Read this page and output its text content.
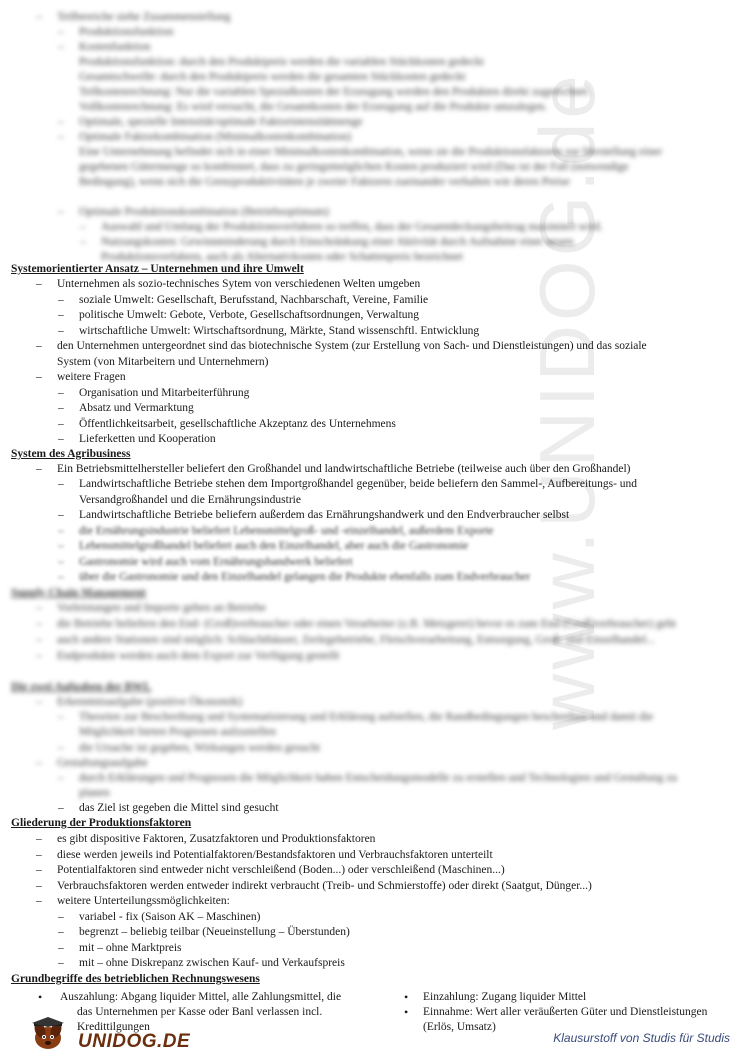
www.UNIDOG.de
– Teilbereiche siehe Zusammenstellung
– Produktionsfunktion
– Kostenfunktion
Produktionsfunktion: durch den Produktpreis werden die variablen Stückkosten gedeckt
Gesamtschwelle: durch den Produktpreis werden die gesamten Stückkosten gedeckt
Teilkostenrechnung: Nur die variablen Spezialkosten der Erzeugung werden den Produkten direkt zugerechnet.
Vollkostenrechnung: Es wird versucht, die Gesamtkosten der Erzeugung auf die Produkte umzulegen.
– Optimale, spezielle Intensität/optimale Faktorintensitätmenge
– Optimale Faktorkombination (Minimalkostenkombination)
Eine Unternehmung befindet sich in einer Minimalkostenkombination, wenn sie die Produktionsfaktoren zur Herstellung einer
gegebenen Gütermenge so kombiniert, dass zu geringstmöglichen Kosten produziert wird (Das ist der Fall (notwendige
Bedingung), wenn sich die Grenzproduktivitäten je zweier Faktoren zueinander verhalten wie deren Preise
– Optimale Produktionskombination (Betriebsoptimum)
– Auswahl und Umfang der Produktionsverfahren so treffen, dass der Gesamtdeckungsbeitrag maximiert wird.
– Nutzungskosten: Gewinnminderung durch Einschränkung einer Aktivität durch Aufnahme einer neuen
Produktionsverfahren, auch als Alternativkosten oder Schattenpreis bezeichnet
Systemorientierter Ansatz – Unternehmen und ihre Umwelt
– Unternehmen als sozio-technisches Sytem von verschiedenen Welten umgeben
– soziale Umwelt: Gesellschaft, Berufsstand, Nachbarschaft, Vereine, Familie
– politische Umwelt: Gebote, Verbote, Gesellschaftsordnungen, Verwaltung
– wirtschaftliche Umwelt: Wirtschaftsordnung, Märkte, Stand wissenschftl. Entwicklung
– den Unternehmen untergeordnet sind das biotechnische System (zur Erstellung von Sach- und Dienstleistungen) und das soziale
System (von Mitarbeitern und Unternehmern)
– weitere Fragen
– Organisation und Mitarbeiterführung
– Absatz und Vermarktung
– Öffentlichkeitsarbeit, gesellschaftliche Akzeptanz des Unternehmens
– Lieferketten und Kooperation
System des Agribusiness
– Ein Betriebsmittelhersteller beliefert den Großhandel und landwirtschaftliche Betriebe (teilweise auch über den Großhandel)
– Landwirtschaftliche Betriebe stehen dem Importgroßhandel gegenüber, beide beliefern den Sammel-, Aufbereitungs- und
Versandgroßhandel und die Ernährungsindustrie
– Landwirtschaftliche Betriebe beliefern außerdem das Ernährungshandwerk und den Endverbraucher selbst
– die Ernährungsindustrie beliefert Lebensmittelgroß- und -einzelhandel, außerdem Exporte
– Lebensmittelgroßhandel beliefert auch den Einzelhandel, aber auch die Gastronomie
– Gastronomie wird auch vom Ernährungshandwerk beliefert
– über die Gastronomie und den Einzelhandel gelangen die Produkte ebenfalls zum Endverbraucher
Supply Chain Management
– Vorleistungen und Importe gehen an Betriebe
– die Betriebe beliefern den End- (Groß)verbraucher oder einen Verarbeiter (z.B. Metzgerei) bevor es zum End-(Groß)verbraucher) geht
– auch andere Stationen sind möglich: Schlachthäuser, Zerlegebetriebe, Fleischverarbeitung, Entsorgung, Groß- und Einzelhandel...
– Endprodukte werden auch dem Export zur Verfügung gestellt
Die zwei Aufgaben der BWL
– Erkenntnisaufgabe (positive Ökonomik)
– Theorien zur Beschreibung und Systematisierung und Erklärung aufstellen, die Randbedingungen beschreiben und damit die
Möglichkeit bieten Prognosen aufzustellen
– die Ursache ist gegeben, Wirkungen werden gesucht
– Gestaltungsaufgabe
– durch Erklärungen und Prognosen die Möglichkeit haben Entscheidungsmodelle zu erstellen und Technologien und Gestaltung zu
planen
– das Ziel ist gegeben die Mittel sind gesucht
Gliederung der Produktionsfaktoren
– es gibt dispositive Faktoren, Zusatzfaktoren und Produktionsfaktoren
– diese werden jeweils ind Potentialfaktoren/Bestandsfaktoren und Verbrauchsfaktoren unterteilt
– Potentialfaktoren sind entweder nicht verschleißend (Boden...) oder verschleißend (Maschinen...)
– Verbrauchsfaktoren werden entweder indirekt verbraucht (Treib- und Schmierstoffe) oder direkt (Saatgut, Dünger...)
– weitere Unterteilungssmöglichkeiten:
– variabel - fix (Saison AK – Maschinen)
– begrenzt – beliebig teilbar (Neueinstellung – Überstunden)
– mit – ohne Marktpreis
– mit – ohne Diskrepanz zwischen Kauf- und Verkaufspreis
Grundbegriffe des betrieblichen Rechnungswesens
• Auszahlung: Abgang liquider Mittel, alle Zahlungsmittel, die
das Unternehmen per Kasse oder Banl verlassen incl.
Kredittilgungen
• Einzahlung: Zugang liquider Mittel
• Einnahme: Wert aller veräußerten Güter und Dienstleistungen
(Erlös, Umsatz)
UNIDOG.DE	Klausurstoff von Studis für Studis
